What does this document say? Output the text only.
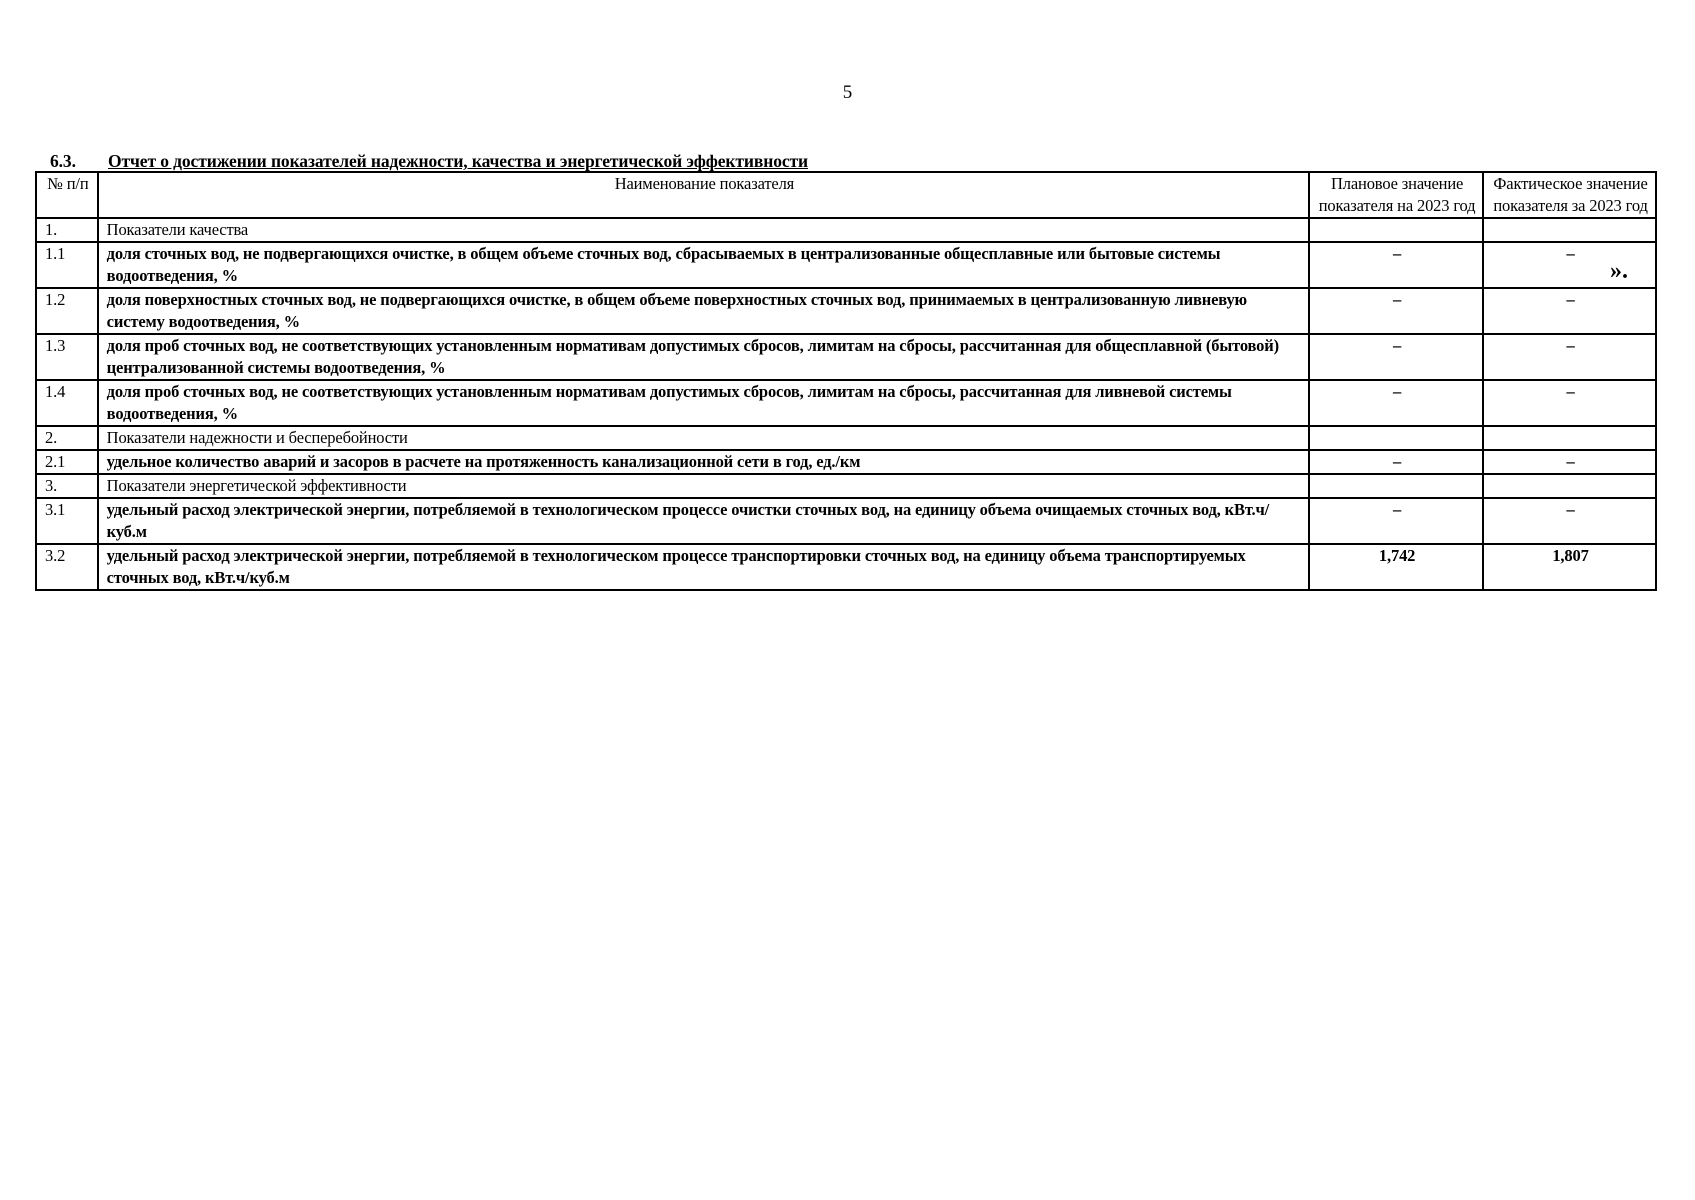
5
6.3. Отчет о достижении показателей надежности, качества и энергетической эффективности
№ п/п	Наименование показателя	Плановое значение показателя на 2023 год	Фактическое значение показателя за 2023 год
1.	Показатели качества		
1.1	доля сточных вод, не подвергающихся очистке, в общем объеме сточных вод, сбрасываемых в централизованные общесплавные или бытовые системы водоотведения, %	–	–
1.2	доля поверхностных сточных вод, не подвергающихся очистке, в общем объеме поверхностных сточных вод, принимаемых в централизованную ливневую систему водоотведения, %	–	–
1.3	доля проб сточных вод, не соответствующих установленным нормативам допустимых сбросов, лимитам на сбросы, рассчитанная для общесплавной (бытовой) централизованной системы водоотведения, %	–	–
1.4	доля проб сточных вод, не соответствующих установленным нормативам допустимых сбросов, лимитам на сбросы, рассчитанная для ливневой системы водоотведения, %	–	–
2.	Показатели надежности и бесперебойности		
2.1	удельное количество аварий и засоров в расчете на протяженность канализационной сети в год, ед./км	–	–
3.	Показатели энергетической эффективности		
3.1	удельный расход электрической энергии, потребляемой в технологическом процессе очистки сточных вод, на единицу объема очищаемых сточных вод, кВт.ч/куб.м	–	–
3.2	удельный расход электрической энергии, потребляемой в технологическом процессе транспортировки сточных вод, на единицу объема транспортируемых сточных вод, кВт.ч/куб.м	1,742	1,807
».
